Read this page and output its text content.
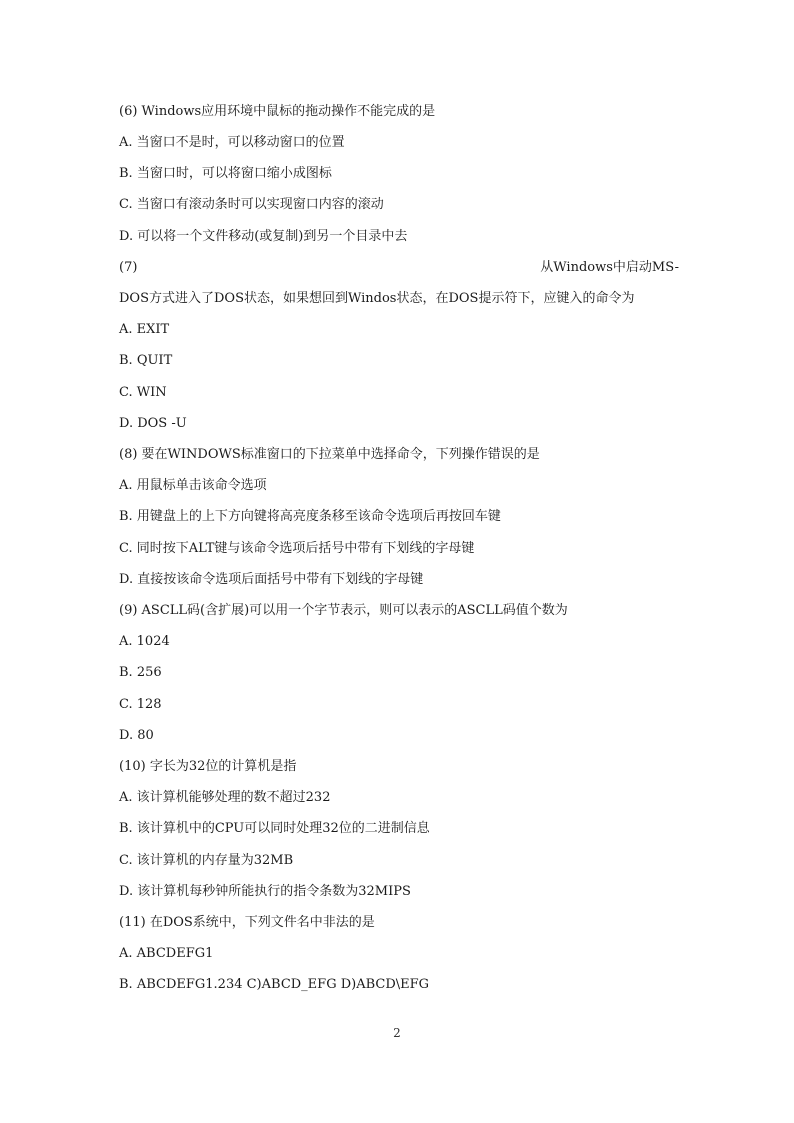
(6) Windows应用环境中鼠标的拖动操作不能完成的是
A. 当窗口不是时，可以移动窗口的位置
B. 当窗口时，可以将窗口缩小成图标
C. 当窗口有滚动条时可以实现窗口内容的滚动
D. 可以将一个文件移动(或复制)到另一个目录中去
(7)	从Windows中启动MS-
DOS方式进入了DOS状态，如果想回到Windos状态，在DOS提示符下，应键入的命令为
A. EXIT
B. QUIT
C. WIN
D. DOS -U
(8) 要在WINDOWS标准窗口的下拉菜单中选择命令，下列操作错误的是
A. 用鼠标单击该命令选项
B. 用键盘上的上下方向键将高亮度条移至该命令选项后再按回车键
C. 同时按下ALT键与该命令选项后括号中带有下划线的字母键
D. 直接按该命令选项后面括号中带有下划线的字母键
(9) ASCLL码(含扩展)可以用一个字节表示，则可以表示的ASCLL码值个数为
A. 1024
B. 256
C. 128
D. 80
(10) 字长为32位的计算机是指
A. 该计算机能够处理的数不超过232
B. 该计算机中的CPU可以同时处理32位的二进制信息
C. 该计算机的内存量为32MB
D. 该计算机每秒钟所能执行的指令条数为32MIPS
(11) 在DOS系统中，下列文件名中非法的是
A. ABCDEFG1
B. ABCDEFG1.234 C)ABCD_EFG D)ABCD\EFG
2
